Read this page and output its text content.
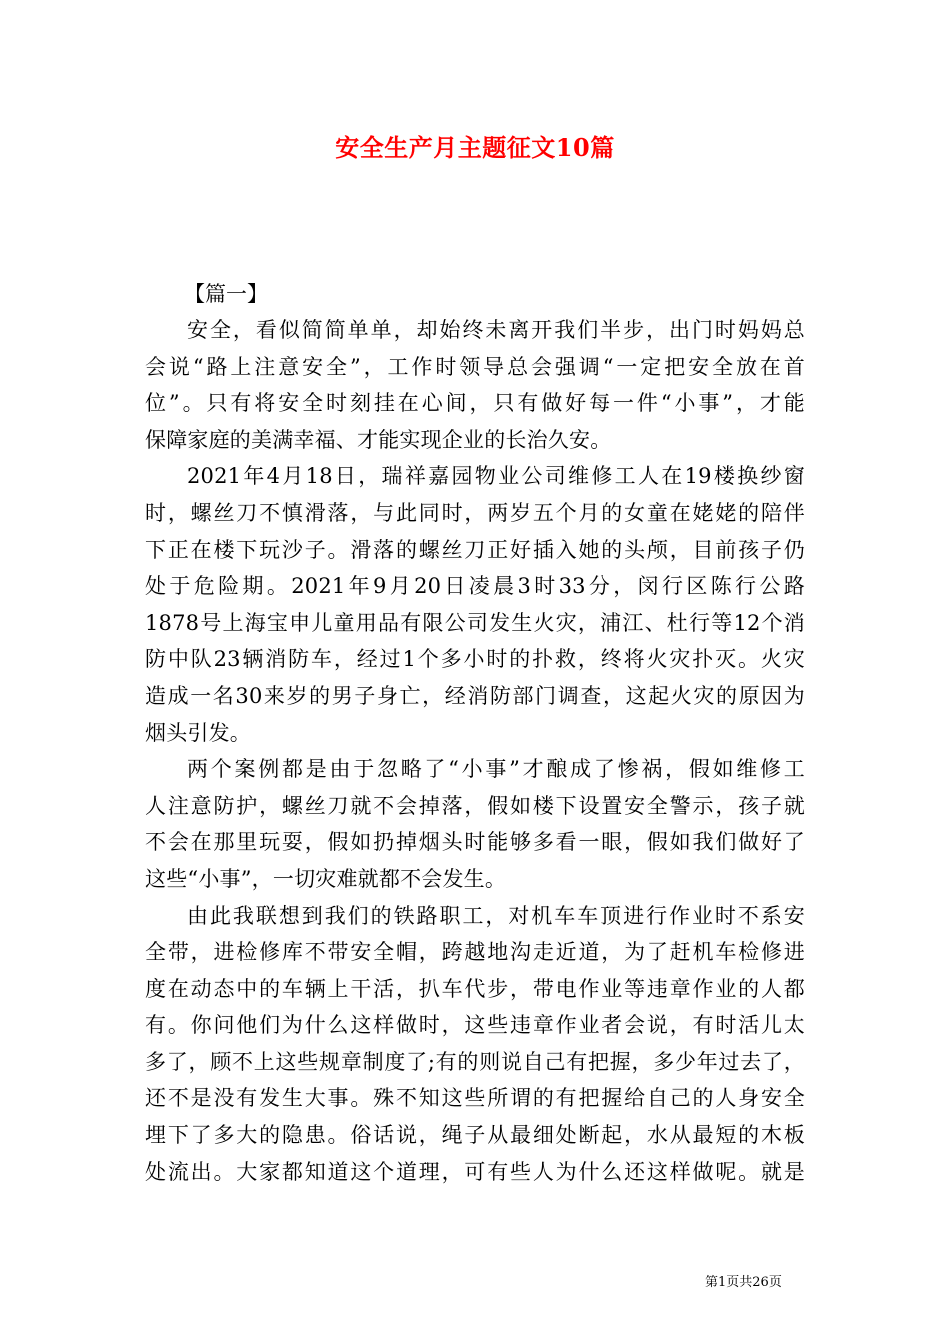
安全生产月主题征文10篇
【篇一】
安全，看似简简单单，却始终未离开我们半步，出门时妈妈总
会说“路上注意安全”，工作时领导总会强调“一定把安全放在首
位”。只有将安全时刻挂在心间，只有做好每一件“小事”，才能
保障家庭的美满幸福、才能实现企业的长治久安。
2021年4月18日，瑞祥嘉园物业公司维修工人在19楼换纱窗
时，螺丝刀不慎滑落，与此同时，两岁五个月的女童在姥姥的陪伴
下正在楼下玩沙子。滑落的螺丝刀正好插入她的头颅，目前孩子仍
处于危险期。2021年9月20日凌晨3时33分，闵行区陈行公路
1878号上海宝申儿童用品有限公司发生火灾，浦江、杜行等12个消
防中队23辆消防车，经过1个多小时的扑救，终将火灾扑灭。火灾
造成一名30来岁的男子身亡，经消防部门调查，这起火灾的原因为
烟头引发。
两个案例都是由于忽略了“小事”才酿成了惨祸，假如维修工
人注意防护，螺丝刀就不会掉落，假如楼下设置安全警示，孩子就
不会在那里玩耍，假如扔掉烟头时能够多看一眼，假如我们做好了
这些“小事”，一切灾难就都不会发生。
由此我联想到我们的铁路职工，对机车车顶进行作业时不系安
全带，进检修库不带安全帽，跨越地沟走近道，为了赶机车检修进
度在动态中的车辆上干活，扒车代步，带电作业等违章作业的人都
有。你问他们为什么这样做时，这些违章作业者会说，有时活儿太
多了，顾不上这些规章制度了;有的则说自己有把握，多少年过去了，
还不是没有发生大事。殊不知这些所谓的有把握给自己的人身安全
埋下了多大的隐患。俗话说，绳子从最细处断起，水从最短的木板
处流出。大家都知道这个道理，可有些人为什么还这样做呢。就是
第1页共26页
